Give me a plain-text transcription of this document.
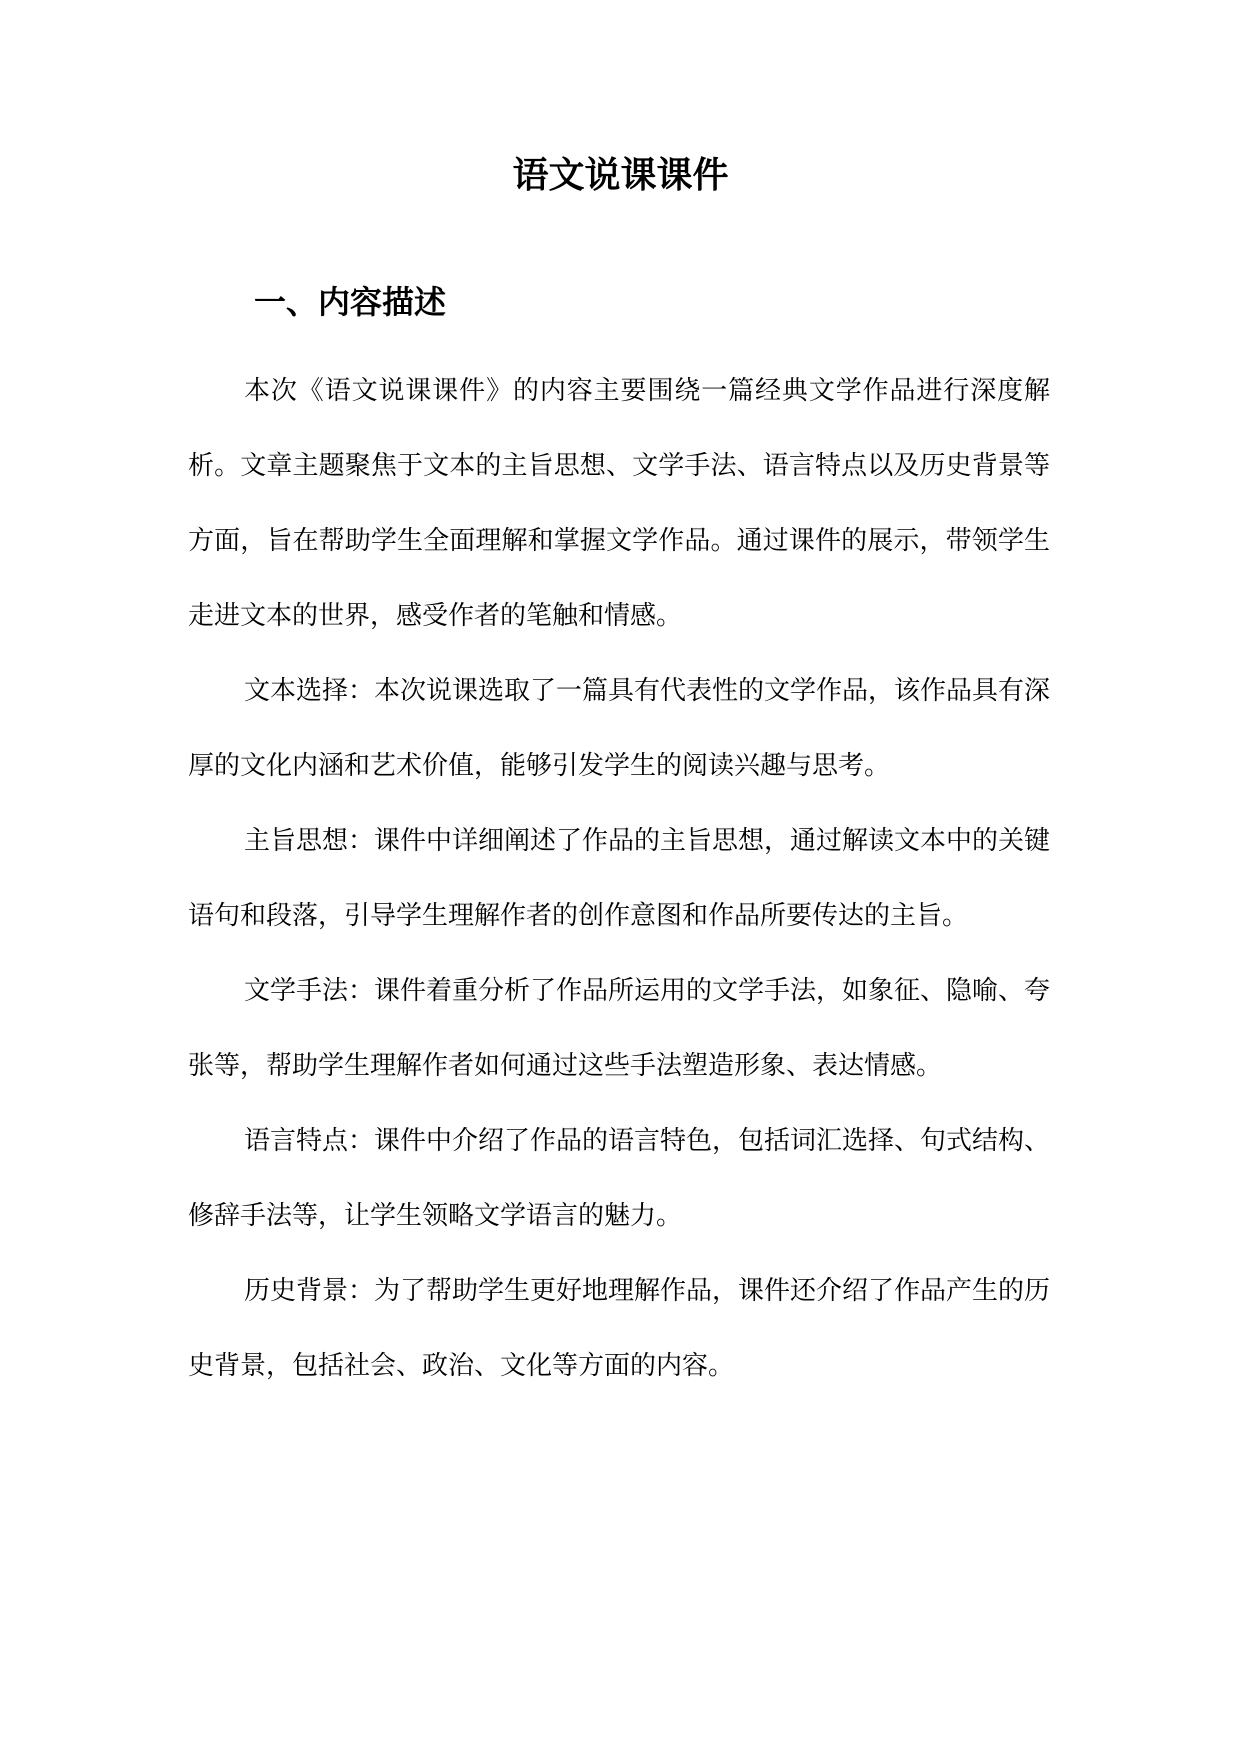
语文说课课件
一、内容描述

本次《语文说课课件》的内容主要围绕一篇经典文学作品进行深度解析。文章主题聚焦于文本的主旨思想、文学手法、语言特点以及历史背景等方面，旨在帮助学生全面理解和掌握文学作品。通过课件的展示，带领学生走进文本的世界，感受作者的笔触和情感。

文本选择：本次说课选取了一篇具有代表性的文学作品，该作品具有深厚的文化内涵和艺术价值，能够引发学生的阅读兴趣与思考。

主旨思想：课件中详细阐述了作品的主旨思想，通过解读文本中的关键语句和段落，引导学生理解作者的创作意图和作品所要传达的主旨。

文学手法：课件着重分析了作品所运用的文学手法，如象征、隐喻、夸张等，帮助学生理解作者如何通过这些手法塑造形象、表达情感。

语言特点：课件中介绍了作品的语言特色，包括词汇选择、句式结构、修辞手法等，让学生领略文学语言的魅力。

历史背景：为了帮助学生更好地理解作品，课件还介绍了作品产生的历史背景，包括社会、政治、文化等方面的内容。
